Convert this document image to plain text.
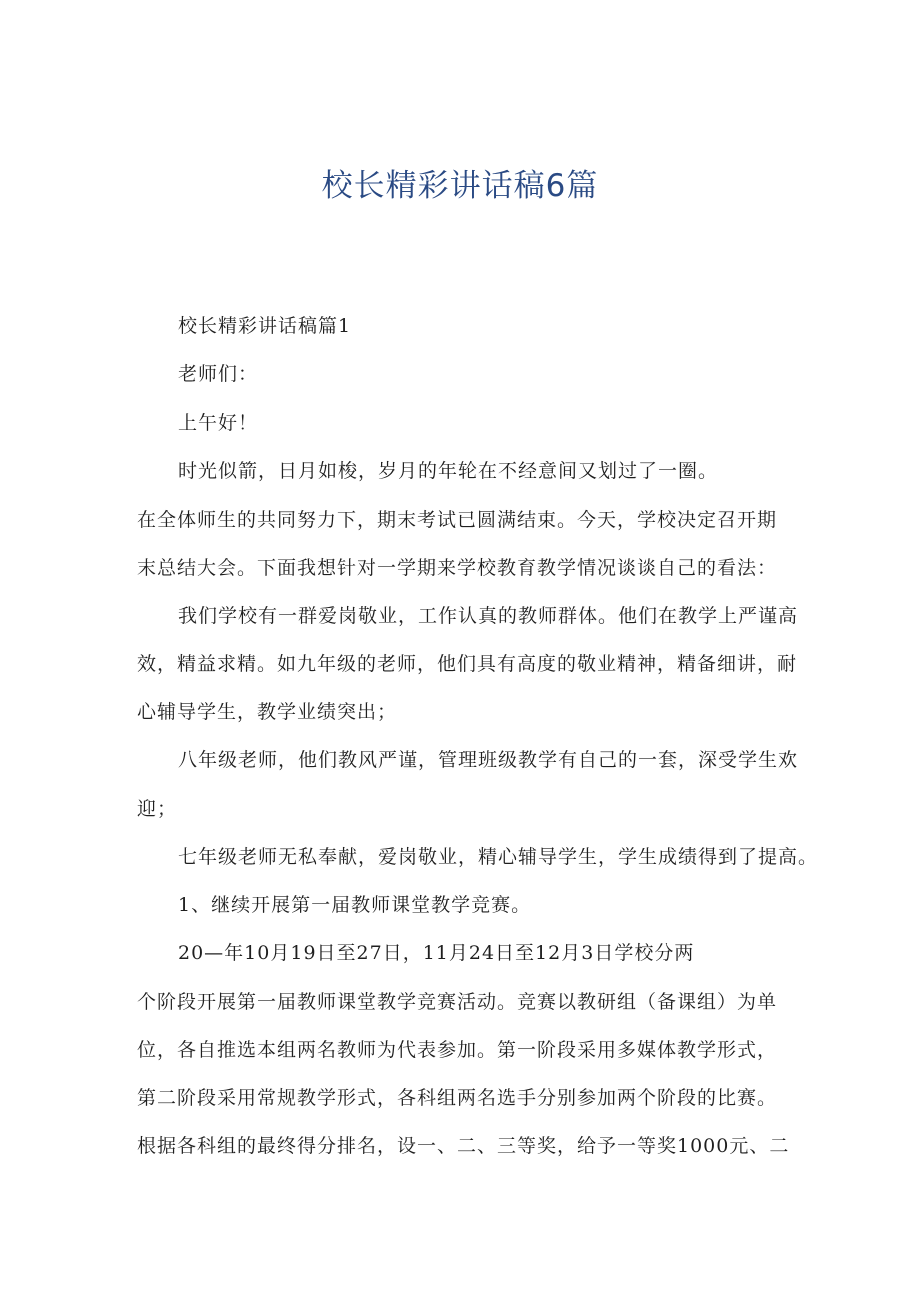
校长精彩讲话稿6篇

校长精彩讲话稿篇1

老师们：

上午好！

时光似箭，日月如梭，岁月的年轮在不经意间又划过了一圈。

在全体师生的共同努力下，期末考试已圆满结束。今天，学校决定召开期

末总结大会。下面我想针对一学期来学校教育教学情况谈谈自己的看法：

我们学校有一群爱岗敬业，工作认真的教师群体。他们在教学上严谨高

效，精益求精。如九年级的老师，他们具有高度的敬业精神，精备细讲，耐

心辅导学生，教学业绩突出；

八年级老师，他们教风严谨，管理班级教学有自己的一套，深受学生欢

迎；

七年级老师无私奉献，爱岗敬业，精心辅导学生，学生成绩得到了提高。

1、继续开展第一届教师课堂教学竞赛。

20—年10月19日至27日，11月24日至12月3日学校分两

个阶段开展第一届教师课堂教学竞赛活动。竞赛以教研组（备课组）为单

位，各自推选本组两名教师为代表参加。第一阶段采用多媒体教学形式，

第二阶段采用常规教学形式，各科组两名选手分别参加两个阶段的比赛。

根据各科组的最终得分排名，设一、二、三等奖，给予一等奖1000元、二
